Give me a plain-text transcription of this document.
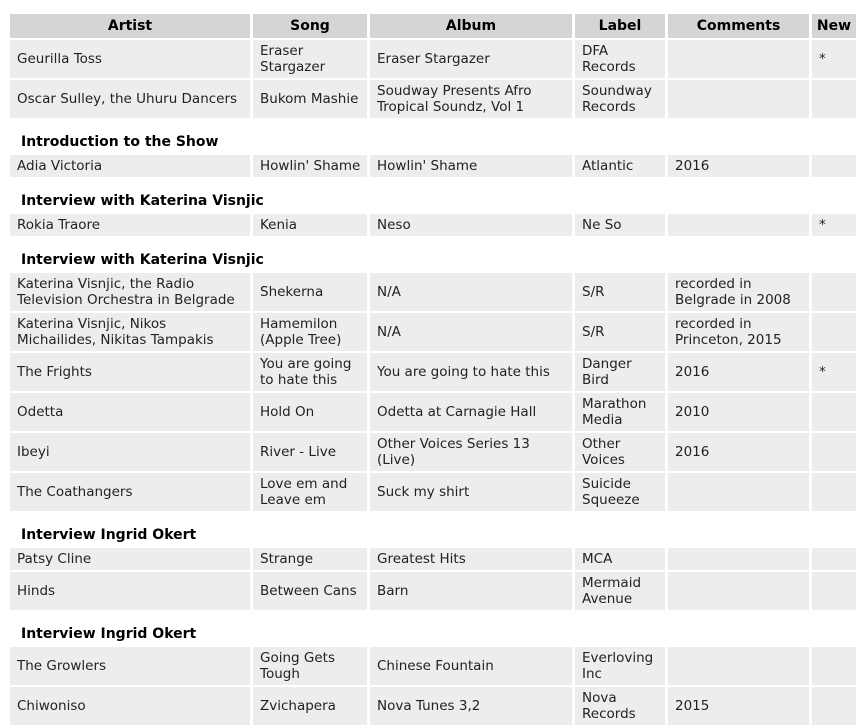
Artist	Song	Album	Label	Comments	New
Geurilla Toss	Eraser Stargazer	Eraser Stargazer	DFA Records		*
Oscar Sulley, the Uhuru Dancers	Bukom Mashie	Soudway Presents Afro Tropical Soundz, Vol 1	Soundway Records		

Introduction to the Show

Adia Victoria	Howlin' Shame	Howlin' Shame	Atlantic	2016	

Interview with Katerina Visnjic

Rokia Traore	Kenia	Neso	Ne So		*

Interview with Katerina Visnjic

Katerina Visnjic, the Radio Television Orchestra in Belgrade	Shekerna	N/A	S/R	recorded in Belgrade in 2008	
Katerina Visnjic, Nikos Michailides, Nikitas Tampakis	Hamemilon (Apple Tree)	N/A	S/R	recorded in Princeton, 2015	
The Frights	You are going to hate this	You are going to hate this	Danger Bird	2016	*
Odetta	Hold On	Odetta at Carnagie Hall	Marathon Media	2010	
Ibeyi	River - Live	Other Voices Series 13 (Live)	Other Voices	2016	
The Coathangers	Love em and Leave em	Suck my shirt	Suicide Squeeze		

Interview Ingrid Okert

Patsy Cline	Strange	Greatest Hits	MCA		
Hinds	Between Cans	Barn	Mermaid Avenue		

Interview Ingrid Okert

The Growlers	Going Gets Tough	Chinese Fountain	Everloving Inc		
Chiwoniso	Zvichapera	Nova Tunes 3,2	Nova Records	2015	
